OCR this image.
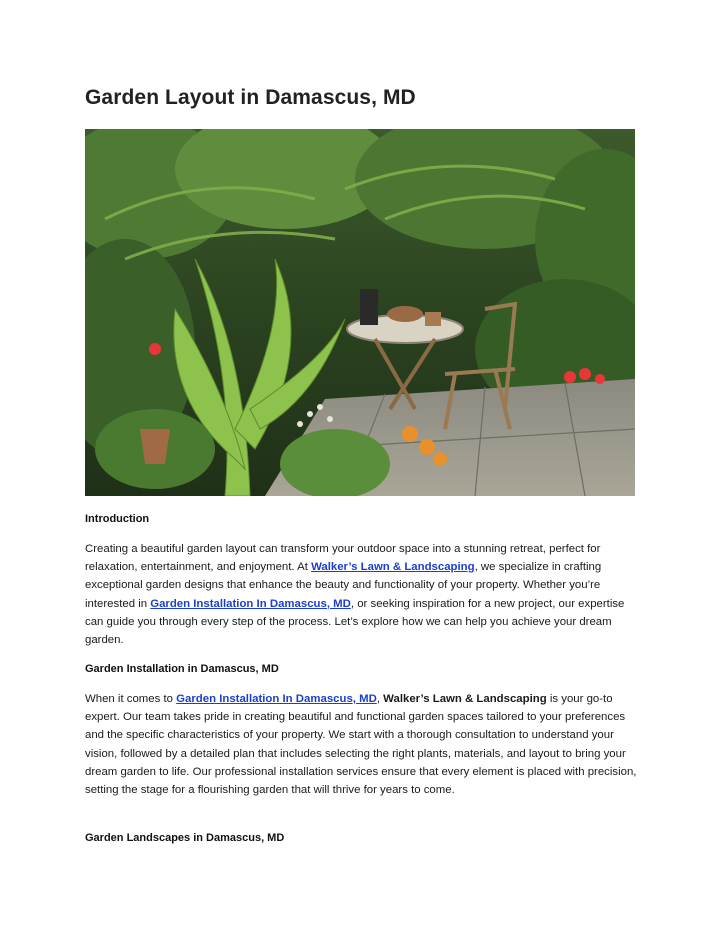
Garden Layout in Damascus, MD
Introduction

Creating a beautiful garden layout can transform your outdoor space into a stunning retreat, perfect for relaxation, entertainment, and enjoyment. At Walker’s Lawn & Landscaping, we specialize in crafting exceptional garden designs that enhance the beauty and functionality of your property. Whether you’re interested in Garden Installation In Damascus, MD, or seeking inspiration for a new project, our expertise can guide you through every step of the process. Let’s explore how we can help you achieve your dream garden.

Garden Installation in Damascus, MD

When it comes to Garden Installation In Damascus, MD, Walker’s Lawn & Landscaping is your go-to expert. Our team takes pride in creating beautiful and functional garden spaces tailored to your preferences and the specific characteristics of your property. We start with a thorough consultation to understand your vision, followed by a detailed plan that includes selecting the right plants, materials, and layout to bring your dream garden to life. Our professional installation services ensure that every element is placed with precision, setting the stage for a flourishing garden that will thrive for years to come.

Garden Landscapes in Damascus, MD
